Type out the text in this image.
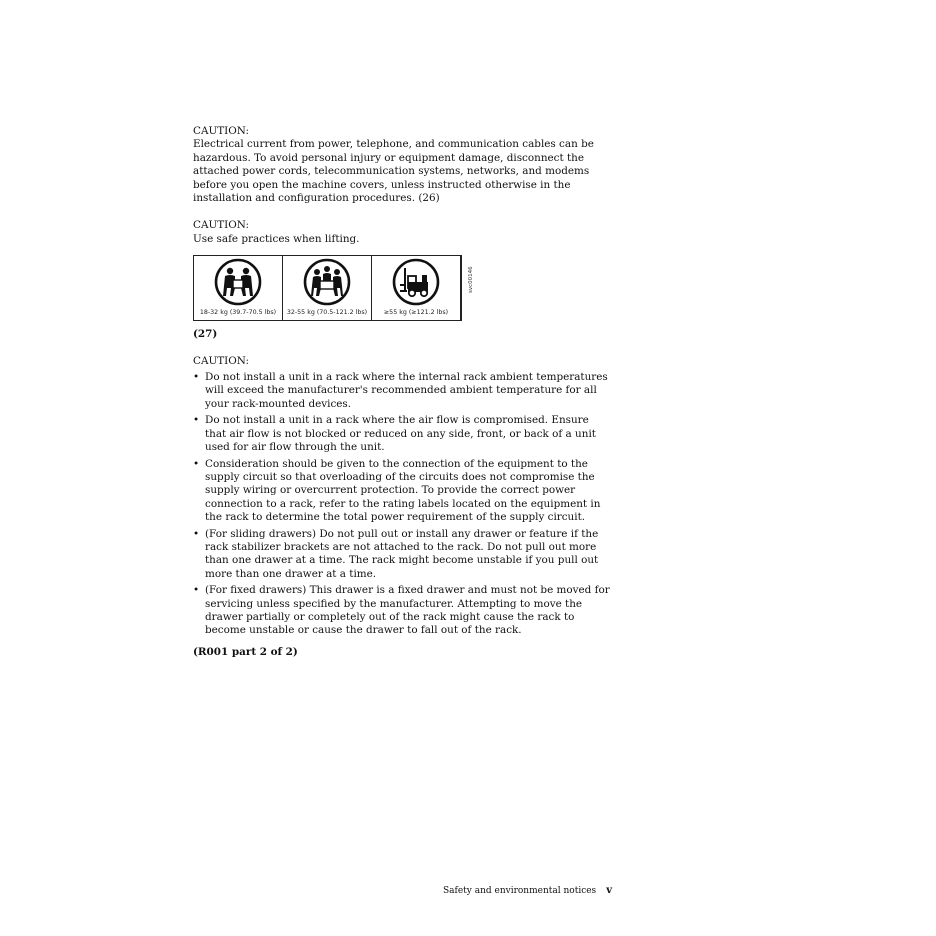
CAUTION:

Electrical current from power, telephone, and communication cables can be hazardous. To avoid personal injury or equipment damage, disconnect the attached power cords, telecommunication systems, networks, and modems before you open the machine covers, unless instructed otherwise in the installation and configuration procedures. (26)

CAUTION:

Use safe practices when lifting.

18-32 kg (39.7-70.5 lbs)	32-55 kg (70.5-121.2 lbs)	≥55 kg (≥121.2 lbs)
svc00146

(27)

CAUTION:

• Do not install a unit in a rack where the internal rack ambient temperatures will exceed the manufacturer's recommended ambient temperature for all your rack-mounted devices.
• Do not install a unit in a rack where the air flow is compromised. Ensure that air flow is not blocked or reduced on any side, front, or back of a unit used for air flow through the unit.
• Consideration should be given to the connection of the equipment to the supply circuit so that overloading of the circuits does not compromise the supply wiring or overcurrent protection. To provide the correct power connection to a rack, refer to the rating labels located on the equipment in the rack to determine the total power requirement of the supply circuit.
• (For sliding drawers) Do not pull out or install any drawer or feature if the rack stabilizer brackets are not attached to the rack. Do not pull out more than one drawer at a time. The rack might become unstable if you pull out more than one drawer at a time.
• (For fixed drawers) This drawer is a fixed drawer and must not be moved for servicing unless specified by the manufacturer. Attempting to move the drawer partially or completely out of the rack might cause the rack to become unstable or cause the drawer to fall out of the rack.

(R001 part 2 of 2)

Safety and environmental notices v
